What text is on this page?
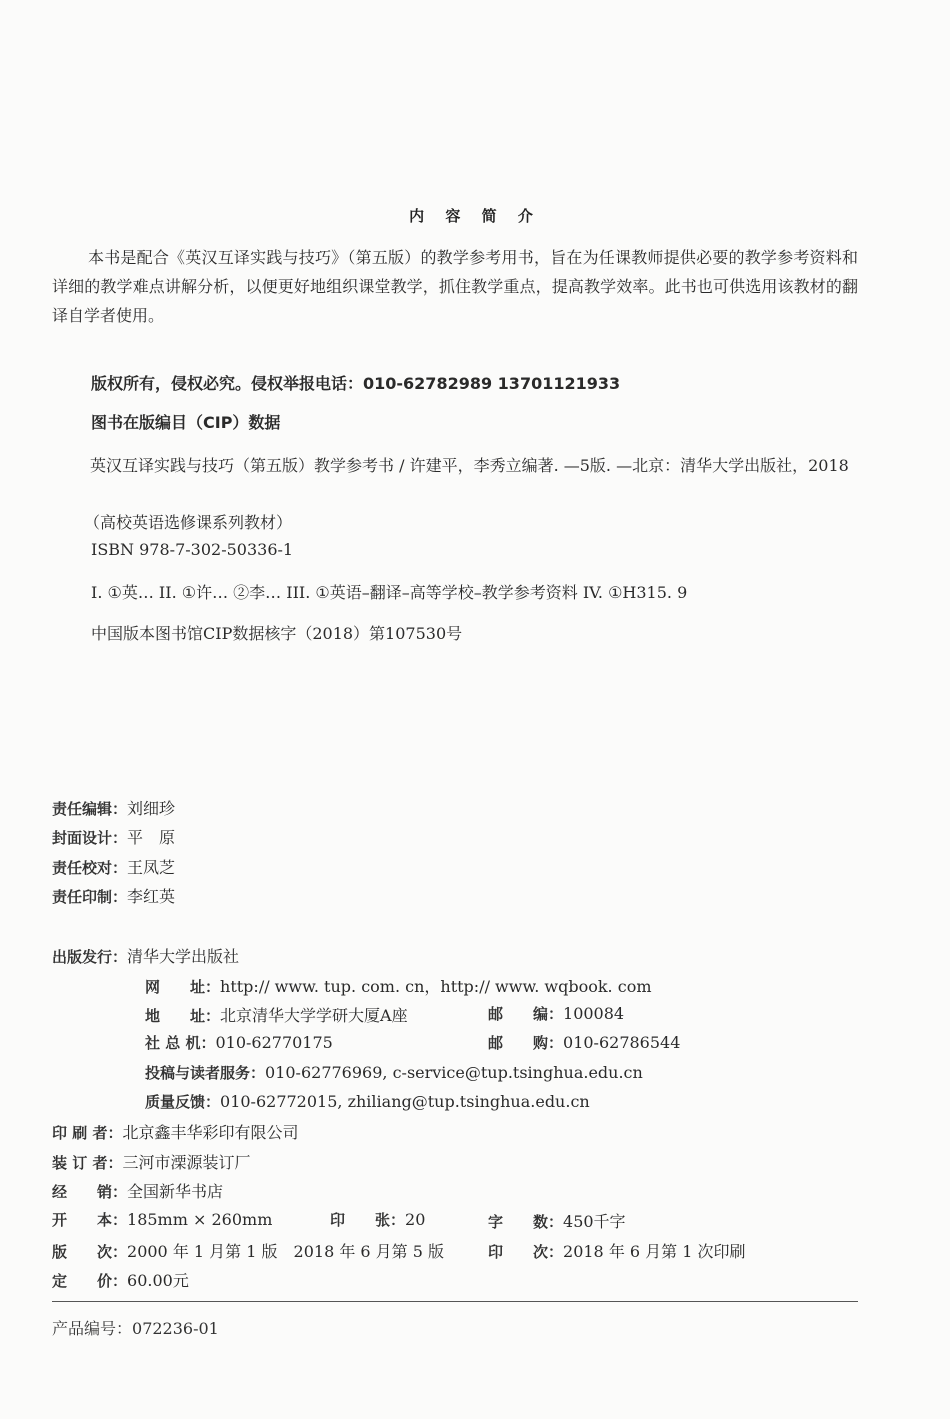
内 容 简 介
本书是配合《英汉互译实践与技巧》（第五版）的教学参考用书，旨在为任课教师提供必要的教学参考资料和详细的教学难点讲解分析，以便更好地组织课堂教学，抓住教学重点，提高教学效率。此书也可供选用该教材的翻译自学者使用。
版权所有，侵权必究。侵权举报电话：010-62782989 13701121933
图书在版编目（CIP）数据
英汉互译实践与技巧（第五版）教学参考书 / 许建平，李秀立编著. —5版. —北京：清华大学出版社，2018
（高校英语选修课系列教材）
ISBN 978-7-302-50336-1
I. ①英… II. ①许… ②李… III. ①英语–翻译–高等学校–教学参考资料 IV. ①H315. 9
中国版本图书馆CIP数据核字（2018）第107530号
责任编辑：刘细珍
封面设计：平　原
责任校对：王凤芝
责任印制：李红英
出版发行：清华大学出版社
网　　址：http:// www. tup. com. cn，http:// www. wqbook. com
地　　址：北京清华大学学研大厦A座	邮　　编：100084
社 总 机：010-62770175	邮　　购：010-62786544
投稿与读者服务：010-62776969, c-service@tup.tsinghua.edu.cn
质量反馈：010-62772015, zhiliang@tup.tsinghua.edu.cn
印 刷 者：北京鑫丰华彩印有限公司
装 订 者：三河市溧源装订厂
经　　销：全国新华书店
开　　本：185mm × 260mm	印　　张：20	字　　数：450千字
版　　次：2000 年 1 月第 1 版　2018 年 6 月第 5 版	印　　次：2018 年 6 月第 1 次印刷
定　　价：60.00元
产品编号：072236-01
